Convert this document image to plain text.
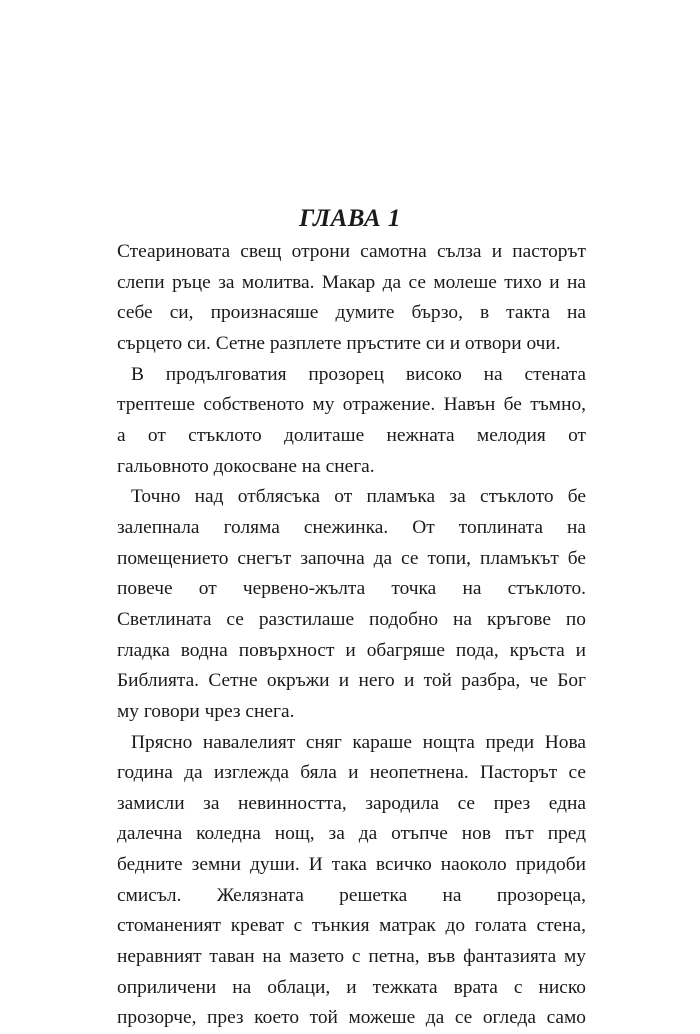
ГЛАВА 1

Стеариновата свещ отрони самотна сълза и пасторът
слепи ръце за молитва. Макар да се молеше тихо и на
себе си, произнасяше думите бързо, в такта на
сърцето си. Сетне разплете пръстите си и отвори очи.

В продълговатия прозорец високо на стената
трептеше собственото му отражение. Навън бе тъмно,
а от стъклото долиташе нежната мелодия от
гальовното докосване на снега.

Точно над отблясъка от пламъка за стъклото бе
залепнала голяма снежинка. От топлината на
помещението снегът започна да се топи, пламъкът бе
повече от червено-жълта точка на стъклото.
Светлината се разстилаше подобно на кръгове по
гладка водна повърхност и обагряше пода, кръста и
Библията. Сетне окръжи и него и той разбра, че Бог
му говори чрез снега.

Прясно навалелият сняг караше нощта преди Нова
година да изглежда бяла и неопетнена. Пасторът се
замисли за невинността, зародила се през една
далечна коледна нощ, за да отъпче нов път пред
бедните земни души. И така всичко наоколо придоби
смисъл. Желязната решетка на прозореца,
стоманеният креват с тънкия матрак до голата стена,
неравният таван на мазето с петна, във фантазията му
оприличени на облаци, и тежката врата с ниско
прозорче, през което той можеше да се огледа само
